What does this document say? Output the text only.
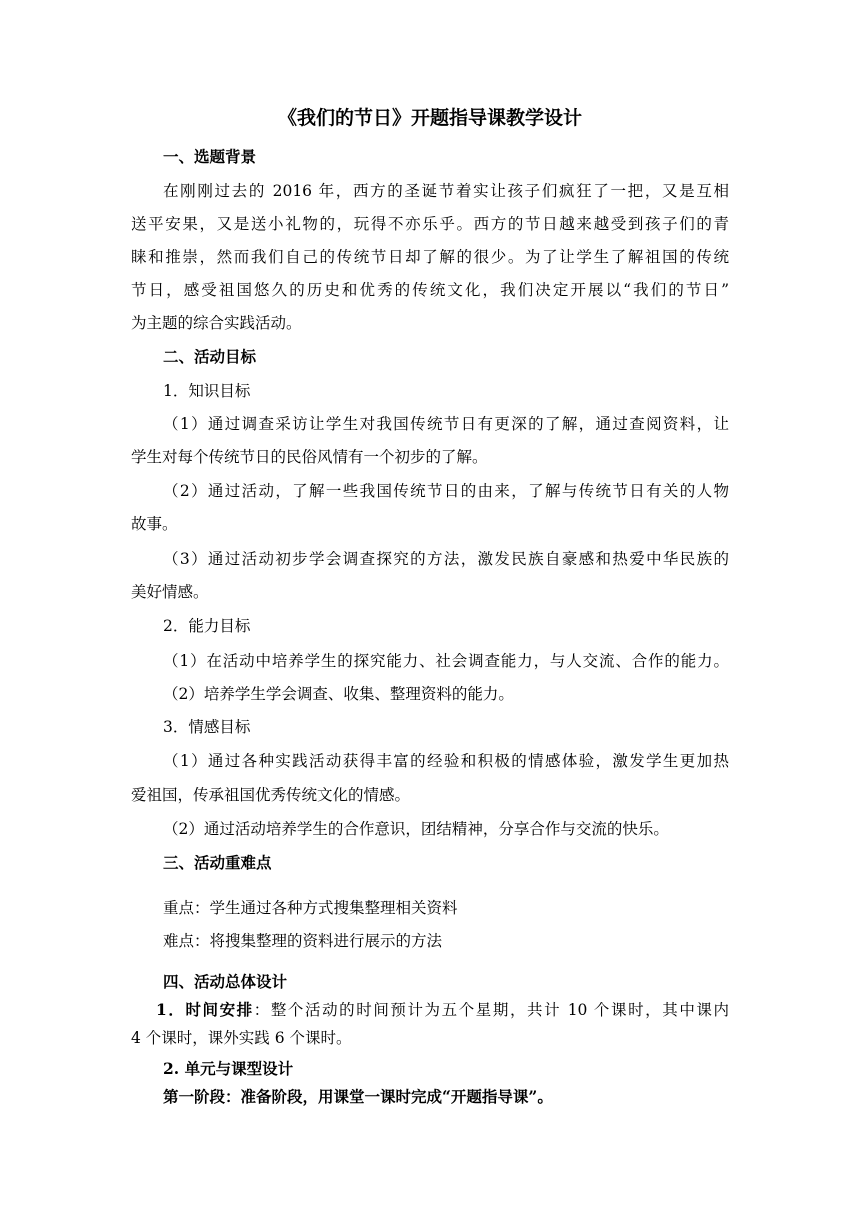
《我们的节日》开题指导课教学设计
一、选题背景
在刚刚过去的 2016 年，西方的圣诞节着实让孩子们疯狂了一把，又是互相
送平安果，又是送小礼物的，玩得不亦乐乎。西方的节日越来越受到孩子们的青
睐和推崇，然而我们自己的传统节日却了解的很少。为了让学生了解祖国的传统
节日，感受祖国悠久的历史和优秀的传统文化，我们决定开展以“我们的节日”
为主题的综合实践活动。
二、活动目标
1．知识目标
（1）通过调查采访让学生对我国传统节日有更深的了解，通过查阅资料，让
学生对每个传统节日的民俗风情有一个初步的了解。
（2）通过活动，了解一些我国传统节日的由来，了解与传统节日有关的人物
故事。
（3）通过活动初步学会调查探究的方法，激发民族自豪感和热爱中华民族的
美好情感。
2．能力目标
（1）在活动中培养学生的探究能力、社会调查能力，与人交流、合作的能力。
（2）培养学生学会调查、收集、整理资料的能力。
3．情感目标
（1）通过各种实践活动获得丰富的经验和积极的情感体验，激发学生更加热
爱祖国，传承祖国优秀传统文化的情感。
（2）通过活动培养学生的合作意识，团结精神，分享合作与交流的快乐。
三、活动重难点
重点：学生通过各种方式搜集整理相关资料
难点：将搜集整理的资料进行展示的方法
四、活动总体设计
1．时间安排：整个活动的时间预计为五个星期，共计 10 个课时，其中课内
4 个课时，课外实践 6 个课时。
2. 单元与课型设计
第一阶段：准备阶段，用课堂一课时完成“开题指导课”。
